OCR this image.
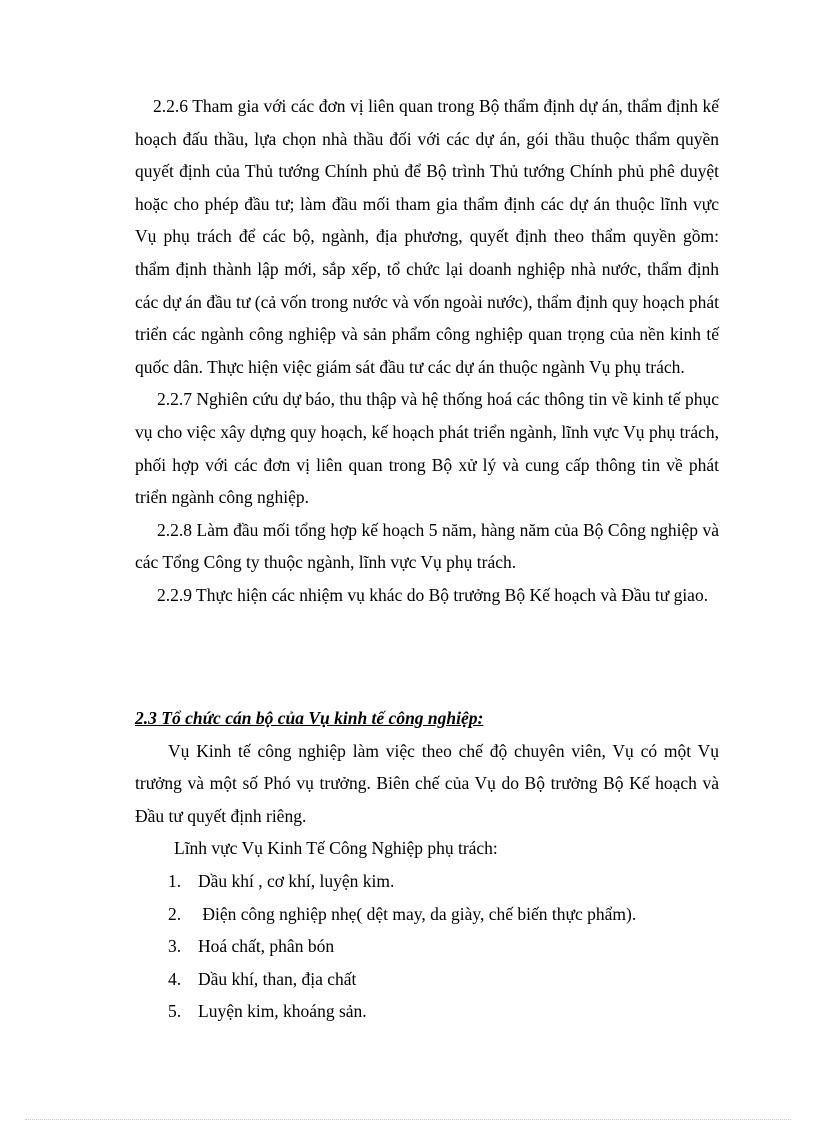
2.2.6 Tham gia với các đơn vị liên quan trong Bộ thẩm định dự án, thẩm định kế hoạch đấu thầu, lựa chọn nhà thầu đối với các dự án, gói thầu thuộc thẩm quyền quyết định của Thủ tướng Chính phủ để Bộ trình Thủ tướng Chính phủ phê duyệt hoặc cho phép đầu tư; làm đầu mối tham gia thẩm định các dự án thuộc lĩnh vực Vụ phụ trách để các bộ, ngành, địa phương, quyết định theo thẩm quyền gồm: thẩm định thành lập mới, sắp xếp, tổ chức lại doanh nghiệp nhà nước, thẩm định các dự án đầu tư (cả vốn trong nước và vốn ngoài nước), thẩm định quy hoạch phát triển các ngành công nghiệp và sản phẩm công nghiệp quan trọng của nền kinh tế quốc dân. Thực hiện việc giám sát đầu tư các dự án thuộc ngành Vụ phụ trách.

2.2.7 Nghiên cứu dự báo, thu thập và hệ thống hoá các thông tin về kinh tế phục vụ cho việc xây dựng quy hoạch, kế hoạch phát triển ngành, lĩnh vực Vụ phụ trách, phối hợp với các đơn vị liên quan trong Bộ xử lý và cung cấp thông tin về phát triển ngành công nghiệp.

2.2.8 Làm đầu mối tổng hợp kế hoạch 5 năm, hàng năm của Bộ Công nghiệp và các Tổng Công ty thuộc ngành, lĩnh vực Vụ phụ trách.

2.2.9 Thực hiện các nhiệm vụ khác do Bộ trưởng Bộ Kế hoạch và Đầu tư giao.

2.3 Tổ chức cán bộ của Vụ kinh tế công nghiệp:

Vụ Kinh tế công nghiệp làm việc theo chế độ chuyên viên, Vụ có một Vụ trưởng và một số Phó vụ trưởng. Biên chế của Vụ do Bộ trưởng Bộ Kế hoạch và Đầu tư quyết định riêng.

Lĩnh vực Vụ Kinh Tế Công Nghiệp phụ trách:

1. Dầu khí , cơ khí, luyện kim.
2. Điện công nghiệp nhẹ( dệt may, da giày, chế biến thực phẩm).
3. Hoá chất, phân bón
4. Dầu khí, than, địa chất
5. Luyện kim, khoáng sản.
